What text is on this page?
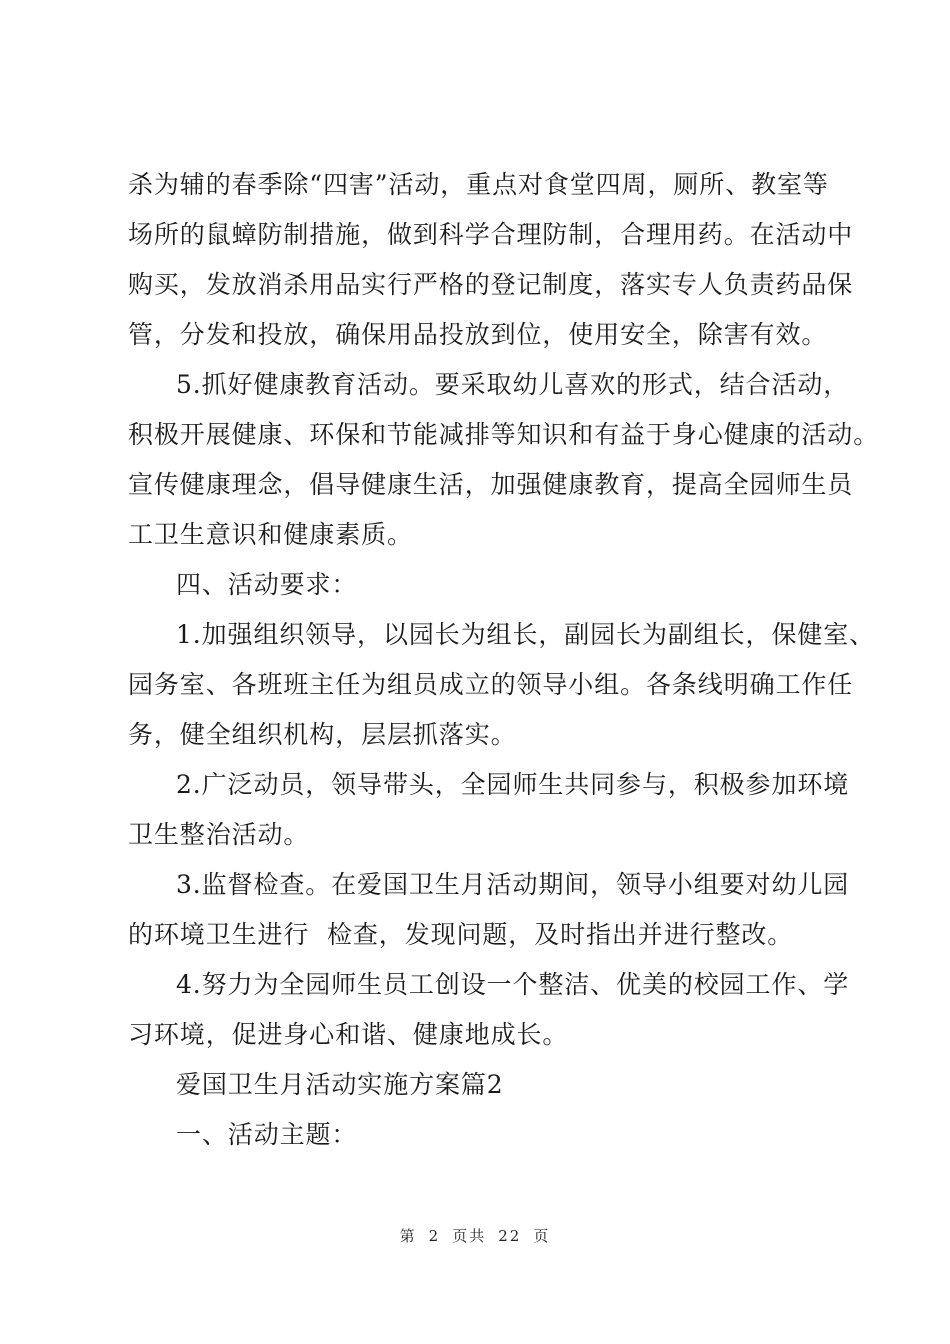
杀为辅的春季除“四害”活动，重点对食堂四周，厕所、教室等
场所的鼠蟑防制措施，做到科学合理防制，合理用药。在活动中
购买，发放消杀用品实行严格的登记制度，落实专人负责药品保
管，分发和投放，确保用品投放到位，使用安全，除害有效。
5.抓好健康教育活动。要采取幼儿喜欢的形式，结合活动，
积极开展健康、环保和节能减排等知识和有益于身心健康的活动。
宣传健康理念，倡导健康生活，加强健康教育，提高全园师生员
工卫生意识和健康素质。
四、活动要求：
1.加强组织领导，以园长为组长，副园长为副组长，保健室、
园务室、各班班主任为组员成立的领导小组。各条线明确工作任
务，健全组织机构，层层抓落实。
2.广泛动员，领导带头，全园师生共同参与，积极参加环境
卫生整治活动。
3.监督检查。在爱国卫生月活动期间，领导小组要对幼儿园
的环境卫生进行  检查，发现问题，及时指出并进行整改。
4.努力为全园师生员工创设一个整洁、优美的校园工作、学
习环境，促进身心和谐、健康地成长。
爱国卫生月活动实施方案篇2
一、活动主题：
第 2 页共 22 页
